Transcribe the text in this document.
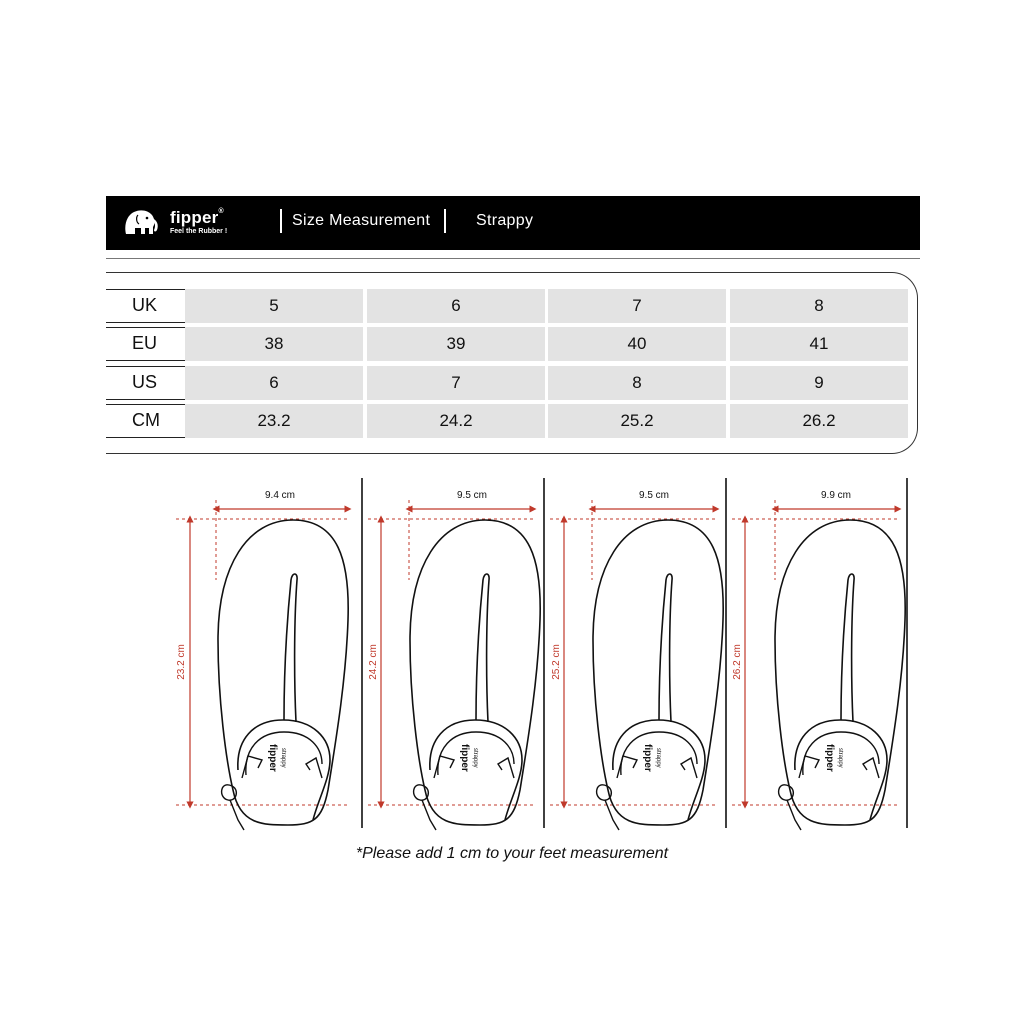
fipper®
Feel the Rubber !
Size Measurement	Strappy
UK	5	6	7	8
EU	38	39	40	41
US	6	7	8	9
CM	23.2	24.2	25.2	26.2
9.4 cm
23.2 cm
fipper strappy
9.5 cm
24.2 cm
fipper strappy
9.5 cm
25.2 cm
fipper strappy
9.9 cm
26.2 cm
fipper strappy
*Please add 1 cm to your feet measurement
